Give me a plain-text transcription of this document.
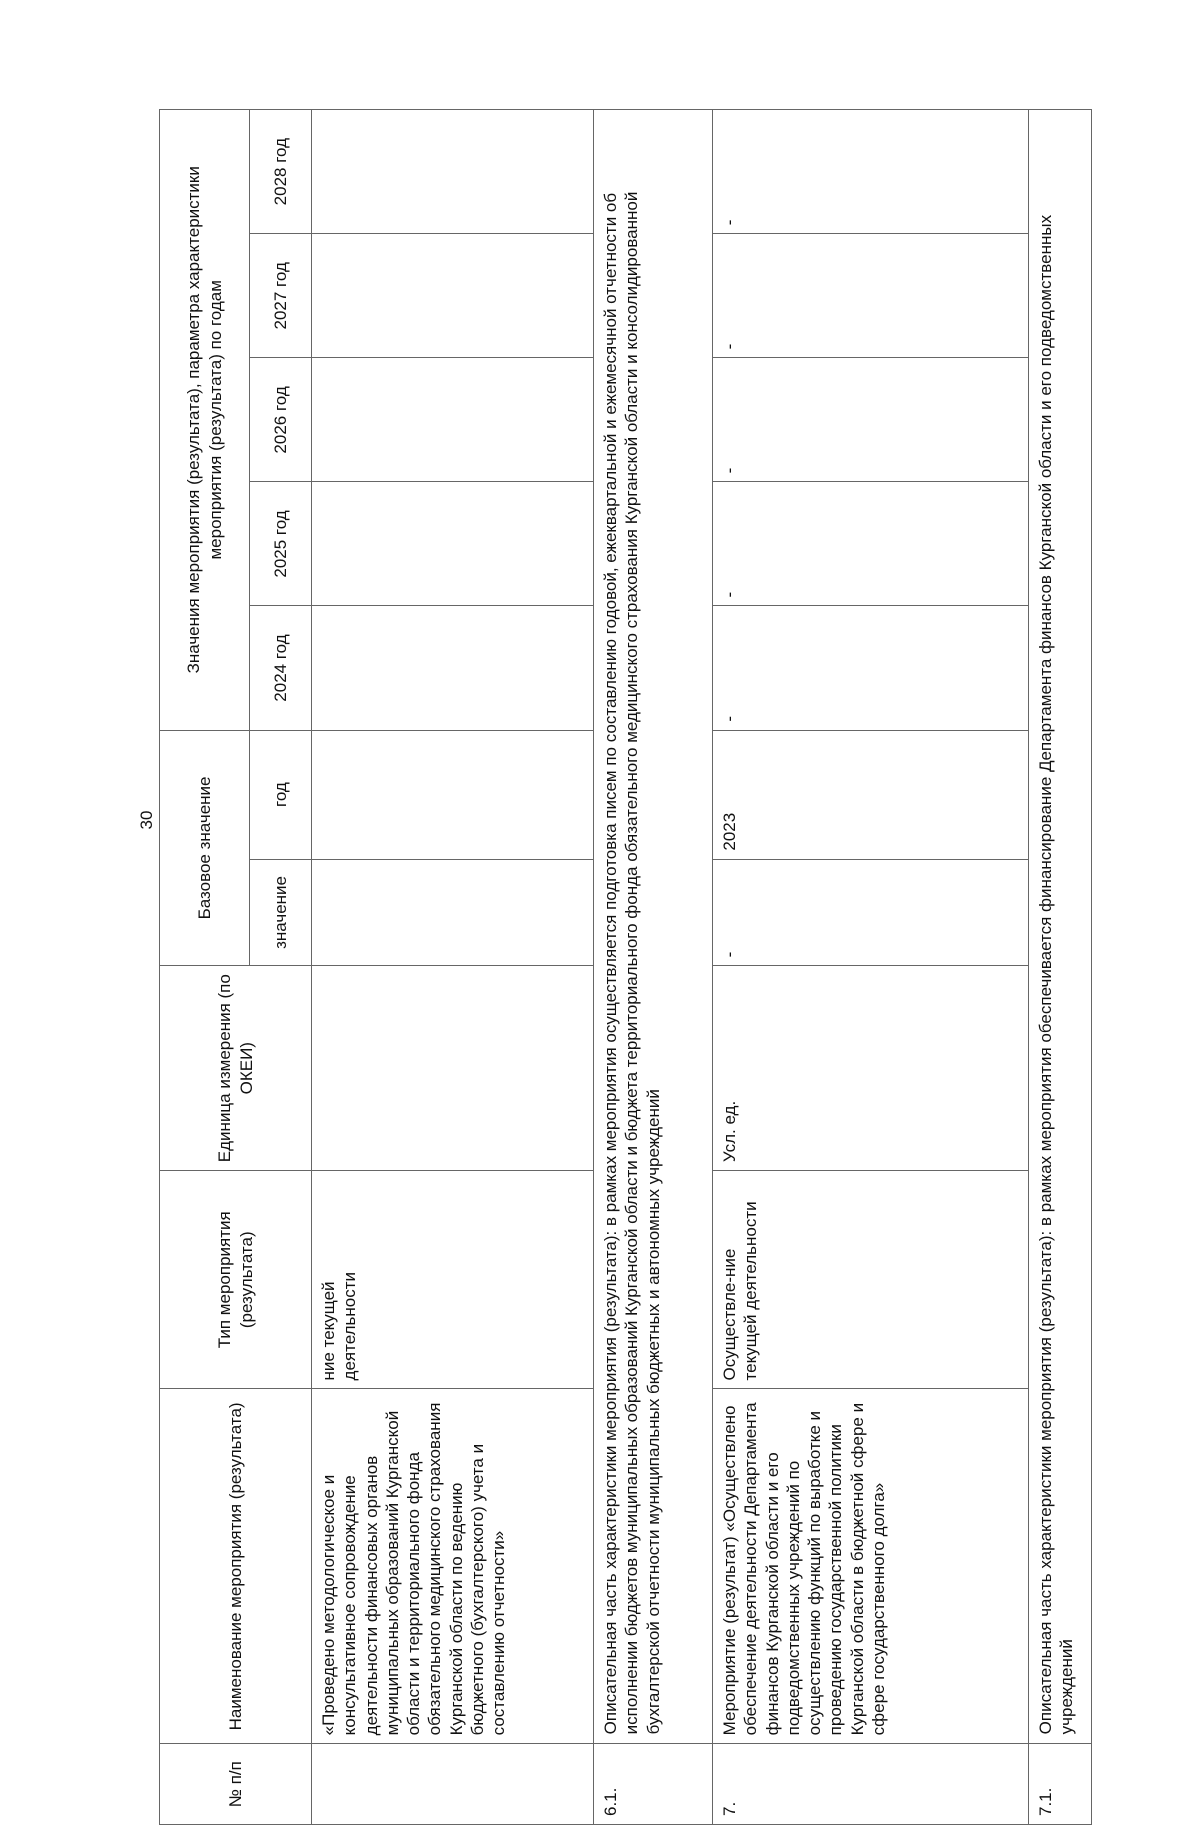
30
№ п/п	Наименование мероприятия (результата)	Тип мероприятия (результата)	Единица измерения (по ОКЕИ)	Базовое значение		Значения мероприятия (результата), параметра характеристики мероприятия (результата) по годам				
				значение	год	2024 год	2025 год	2026 год	2027 год	2028 год
	«Проведено методологическое и консультативное сопровождение деятельности финансовых органов муниципальных образований Курганской области и территориального фонда обязательного медицинского страхования Курганской области по ведению бюджетного (бухгалтерского) учета и составлению отчетности»	ние текущей деятельности								
6.1.	Описательная часть характеристики мероприятия (результата): в рамках мероприятия осуществляется подготовка писем по составлению годовой, ежеквартальной и ежемесячной отчетности об исполнении бюджетов муниципальных образований Курганской области и бюджета территориального фонда обязательного медицинского страхования Курганской области и консолидированной бухгалтерской отчетности муниципальных бюджетных и автономных учреждений									
7.	Мероприятие (результат) «Осуществлено обеспечение деятельности Департамента финансов Курганской области и его подведомственных учреждений по осуществлению функций по выработке и проведению государственной политики Курганской области в бюджетной сфере и сфере государственного долга»	Осуществле-ние текущей деятельности	Усл. ед.	-	2023	-	-	-	-	-
7.1.	Описательная часть характеристики мероприятия (результата): в рамках мероприятия обеспечивается финансирование Департамента финансов Курганской области и его подведомственных учреждений									
